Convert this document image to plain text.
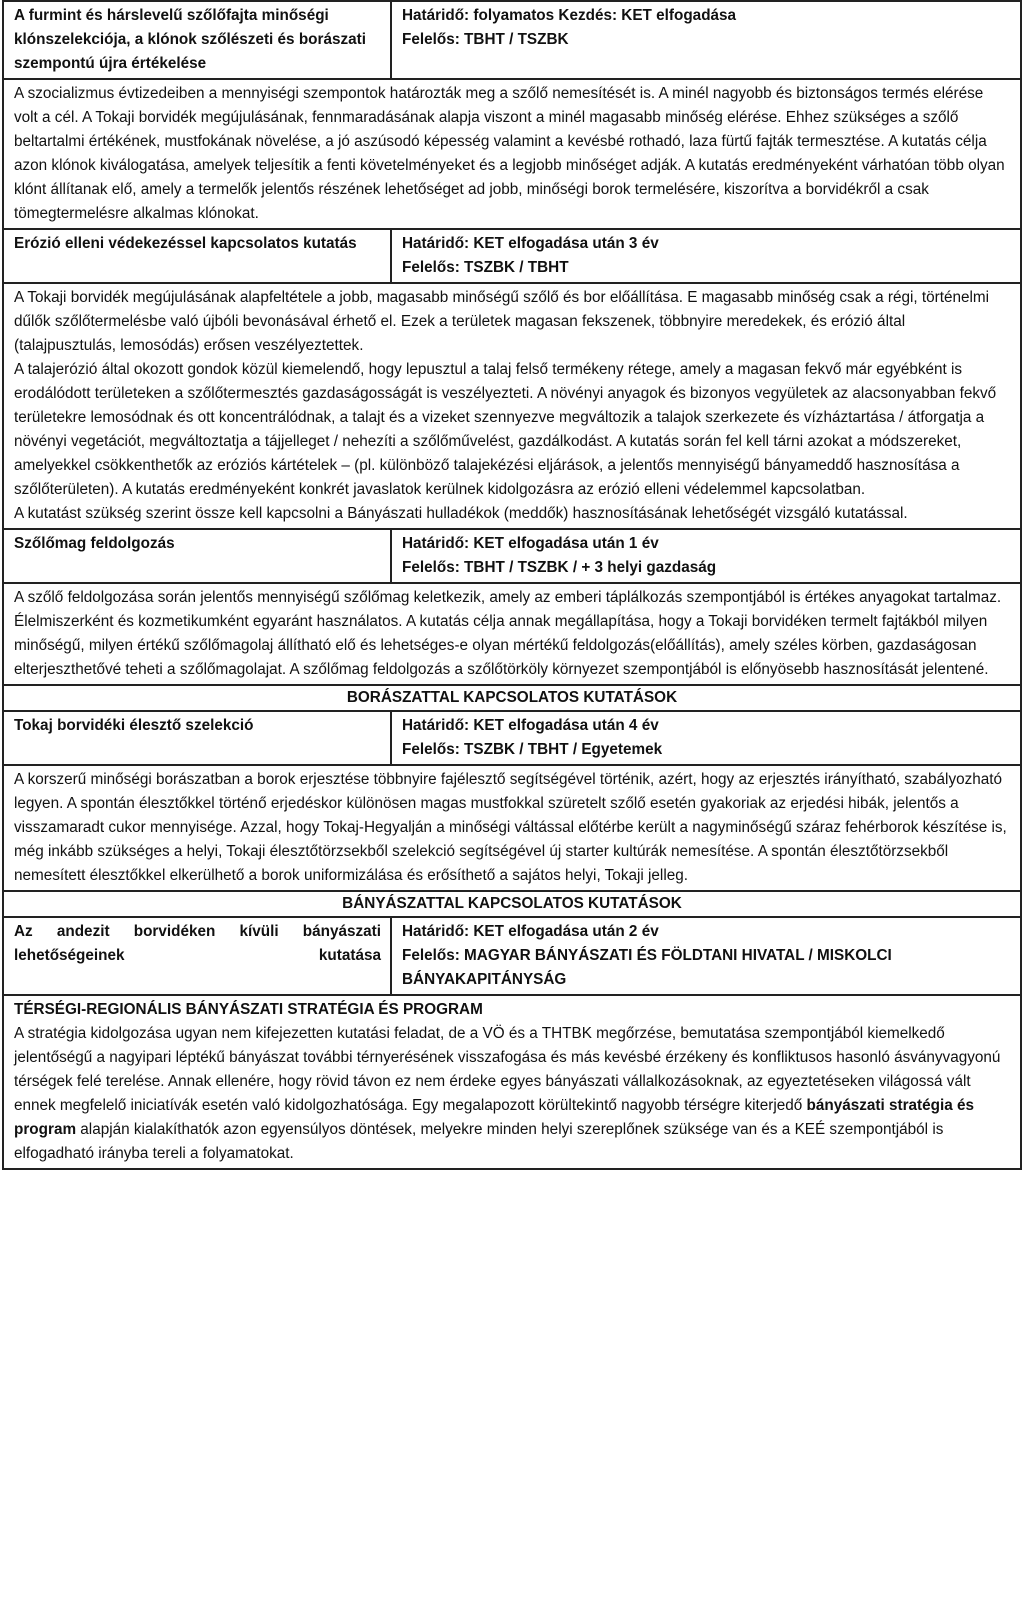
A furmint és hárslevelű szőlőfajta minőségi klónszelekciója, a klónok szőlészeti és borászati szempontú újra értékelése	Határidő: folyamatos Kezdés: KET elfogadása
Felelős: TBHT / TSZBK

A szocializmus évtizedeiben a mennyiségi szempontok határozták meg a szőlő nemesítését is. A minél nagyobb és biztonságos termés elérése volt a cél. A Tokaji borvidék megújulásának, fennmaradásának alapja viszont a minél magasabb minőség elérése. Ehhez szükséges a szőlő beltartalmi értékének, mustfokának növelése, a jó aszúsodó képesség valamint a kevésbé rothadó, laza fürtű fajták termesztése. A kutatás célja azon klónok kiválogatása, amelyek teljesítik a fenti követelményeket és a legjobb minőséget adják. A kutatás eredményeként várhatóan több olyan klónt állítanak elő, amely a termelők jelentős részének lehetőséget ad jobb, minőségi borok termelésére, kiszorítva a borvidékről a csak tömegtermelésre alkalmas klónokat.	

Erózió elleni védekezéssel kapcsolatos kutatás	Határidő: KET elfogadása után 3 év
Felelős: TSZBK / TBHT

A Tokaji borvidék megújulásának alapfeltétele a jobb, magasabb minőségű szőlő és bor előállítása. E magasabb minőség csak a régi, történelmi dűlők szőlőtermelésbe való újbóli bevonásával érhető el. Ezek a területek magasan fekszenek, többnyire meredekek, és erózió által (talajpusztulás, lemosódás) erősen veszélyeztettek.

A talajerózió által okozott gondok közül kiemelendő, hogy lepusztul a talaj felső termékeny rétege, amely a magasan fekvő már egyébként is erodálódott területeken a szőlőtermesztés gazdaságosságát is veszélyezteti. A növényi anyagok és bizonyos vegyületek az alacsonyabban fekvő területekre lemosódnak és ott koncentrálódnak, a talajt és a vizeket szennyezve megváltozik a talajok szerkezete és vízháztartása / átforgatja a növényi vegetációt, megváltoztatja a tájjelleget / nehezíti a szőlőművelést, gazdálkodást. A kutatás során fel kell tárni azokat a módszereket, amelyekkel csökkenthetők az eróziós kártételek – (pl. különböző talajekézési eljárások, a jelentős mennyiségű bányameddő hasznosítása a szőlőterületen). A kutatás eredményeként konkrét javaslatok kerülnek kidolgozásra az erózió elleni védelemmel kapcsolatban.

A kutatást szükség szerint össze kell kapcsolni a Bányászati hulladékok (meddők) hasznosításának lehetőségét vizsgáló kutatással.	

Szőlőmag feldolgozás	Határidő: KET elfogadása után 1 év
Felelős: TBHT / TSZBK / + 3 helyi gazdaság

A szőlő feldolgozása során jelentős mennyiségű szőlőmag keletkezik, amely az emberi táplálkozás szempontjából is értékes anyagokat tartalmaz. Élelmiszerként és kozmetikumként egyaránt használatos. A kutatás célja annak megállapítása, hogy a Tokaji borvidéken termelt fajtákból milyen minőségű, milyen értékű szőlőmagolaj állítható elő és lehetséges-e olyan mértékű feldolgozás(előállítás), amely széles körben, gazdaságosan elterjeszthetővé teheti a szőlőmagolajat. A szőlőmag feldolgozás a szőlőtörköly környezet szempontjából is előnyösebb hasznosítását jelentené.	

BORÁSZATTAL KAPCSOLATOS KUTATÁSOK	
Tokaj borvidéki élesztő szelekció	Határidő: KET elfogadása után 4 év
Felelős: TSZBK / TBHT / Egyetemek

A korszerű minőségi borászatban a borok erjesztése többnyire fajélesztő segítségével történik, azért, hogy az erjesztés irányítható, szabályozható legyen. A spontán élesztőkkel történő erjedéskor különösen magas mustfokkal szüretelt szőlő esetén gyakoriak az erjedési hibák, jelentős a visszamaradt cukor mennyisége. Azzal, hogy Tokaj-Hegyalján a minőségi váltással előtérbe került a nagyminőségű száraz fehérborok készítése is, még inkább szükséges a helyi, Tokaji élesztőtörzsekből szelekció segítségével új starter kultúrák nemesítése. A spontán élesztőtörzsekből nemesített élesztőkkel elkerülhető a borok uniformizálása és erősíthető a sajátos helyi, Tokaji jelleg.	

BÁNYÁSZATTAL KAPCSOLATOS KUTATÁSOK	

Az andezit borvidéken kívüli bányászati lehetőségeinek kutatása	Határidő: KET elfogadása után 2 év
Felelős: MAGYAR BÁNYÁSZATI ÉS FÖLDTANI HIVATAL / MISKOLCI BÁNYAKAPITÁNYSÁG

TÉRSÉGI-REGIONÁLIS BÁNYÁSZATI STRATÉGIA ÉS PROGRAM

A stratégia kidolgozása ugyan nem kifejezetten kutatási feladat, de a VÖ és a THTBK megőrzése, bemutatása szempontjából kiemelkedő jelentőségű a nagyipari léptékű bányászat további térnyerésének visszafogása és más kevésbé érzékeny és konfliktusos hasonló ásványvagyonú térségek felé terelése. Annak ellenére, hogy rövid távon ez nem érdeke egyes bányászati vállalkozásoknak, az egyeztetéseken világossá vált ennek megfelelő iniciatívák esetén való kidolgozhatósága. Egy megalapozott körültekintő nagyobb térségre kiterjedő bányászati stratégia és program alapján kialakíthatók azon egyensúlyos döntések, melyekre minden helyi szereplőnek szüksége van és a KEÉ szempontjából is elfogadható irányba tereli a folyamatokat.	
